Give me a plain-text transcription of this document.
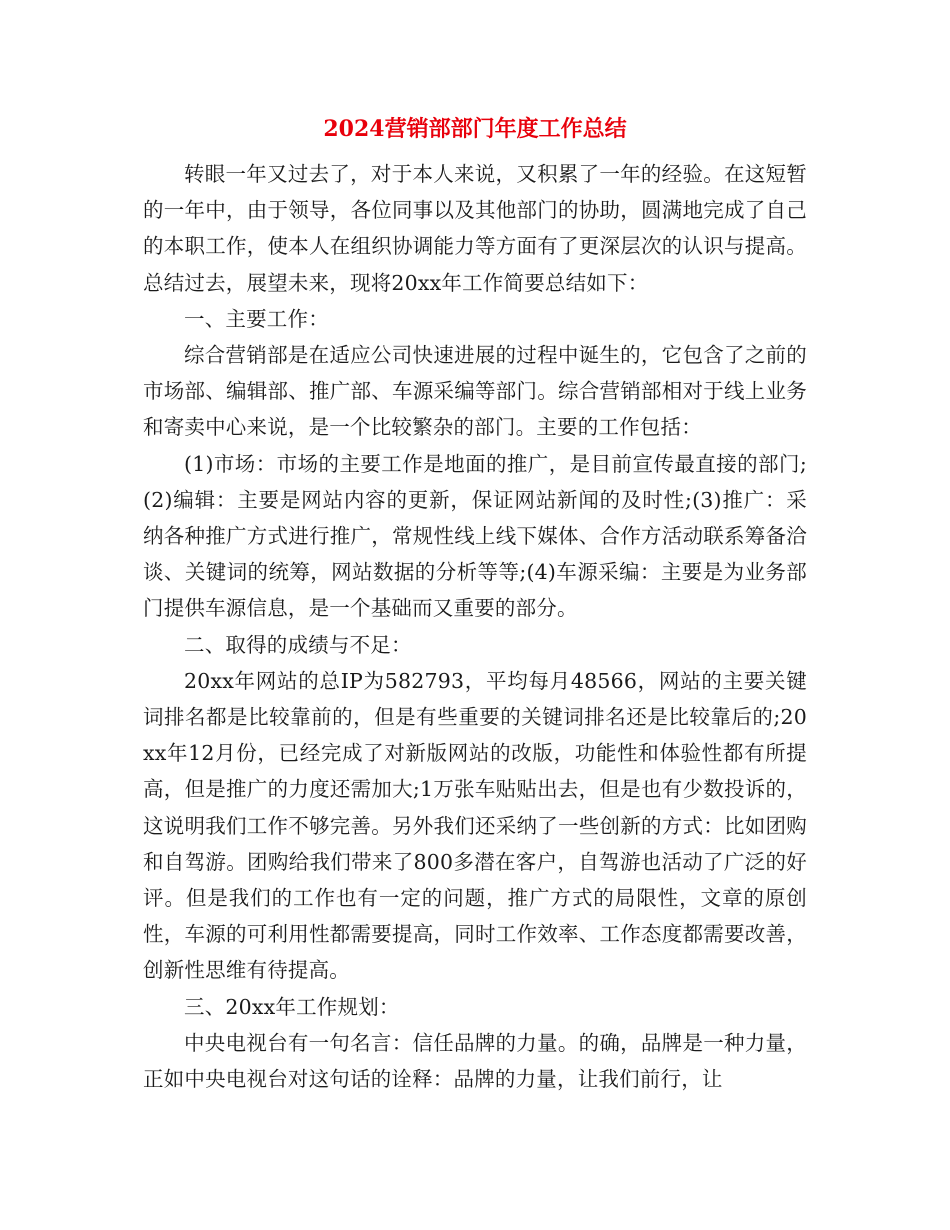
2024营销部部门年度工作总结

转眼一年又过去了，对于本人来说，又积累了一年的经验。在这短暂的一年中，由于领导，各位同事以及其他部门的协助，圆满地完成了自己的本职工作，使本人在组织协调能力等方面有了更深层次的认识与提高。总结过去，展望未来，现将20xx年工作简要总结如下：

一、主要工作：

综合营销部是在适应公司快速进展的过程中诞生的，它包含了之前的市场部、编辑部、推广部、车源采编等部门。综合营销部相对于线上业务和寄卖中心来说，是一个比较繁杂的部门。主要的工作包括：

(1)市场：市场的主要工作是地面的推广，是目前宣传最直接的部门;(2)编辑：主要是网站内容的更新，保证网站新闻的及时性;(3)推广：采纳各种推广方式进行推广，常规性线上线下媒体、合作方活动联系筹备洽谈、关键词的统筹，网站数据的分析等等;(4)车源采编：主要是为业务部门提供车源信息，是一个基础而又重要的部分。

二、取得的成绩与不足：

20xx年网站的总IP为582793，平均每月48566，网站的主要关键词排名都是比较靠前的，但是有些重要的关键词排名还是比较靠后的;20xx年12月份，已经完成了对新版网站的改版，功能性和体验性都有所提高，但是推广的力度还需加大;1万张车贴贴出去，但是也有少数投诉的，这说明我们工作不够完善。另外我们还采纳了一些创新的方式：比如团购和自驾游。团购给我们带来了800多潜在客户，自驾游也活动了广泛的好评。但是我们的工作也有一定的问题，推广方式的局限性，文章的原创性，车源的可利用性都需要提高，同时工作效率、工作态度都需要改善，创新性思维有待提高。

三、20xx年工作规划：

中央电视台有一句名言：信任品牌的力量。的确，品牌是一种力量，正如中央电视台对这句话的诠释：品牌的力量，让我们前行，让
